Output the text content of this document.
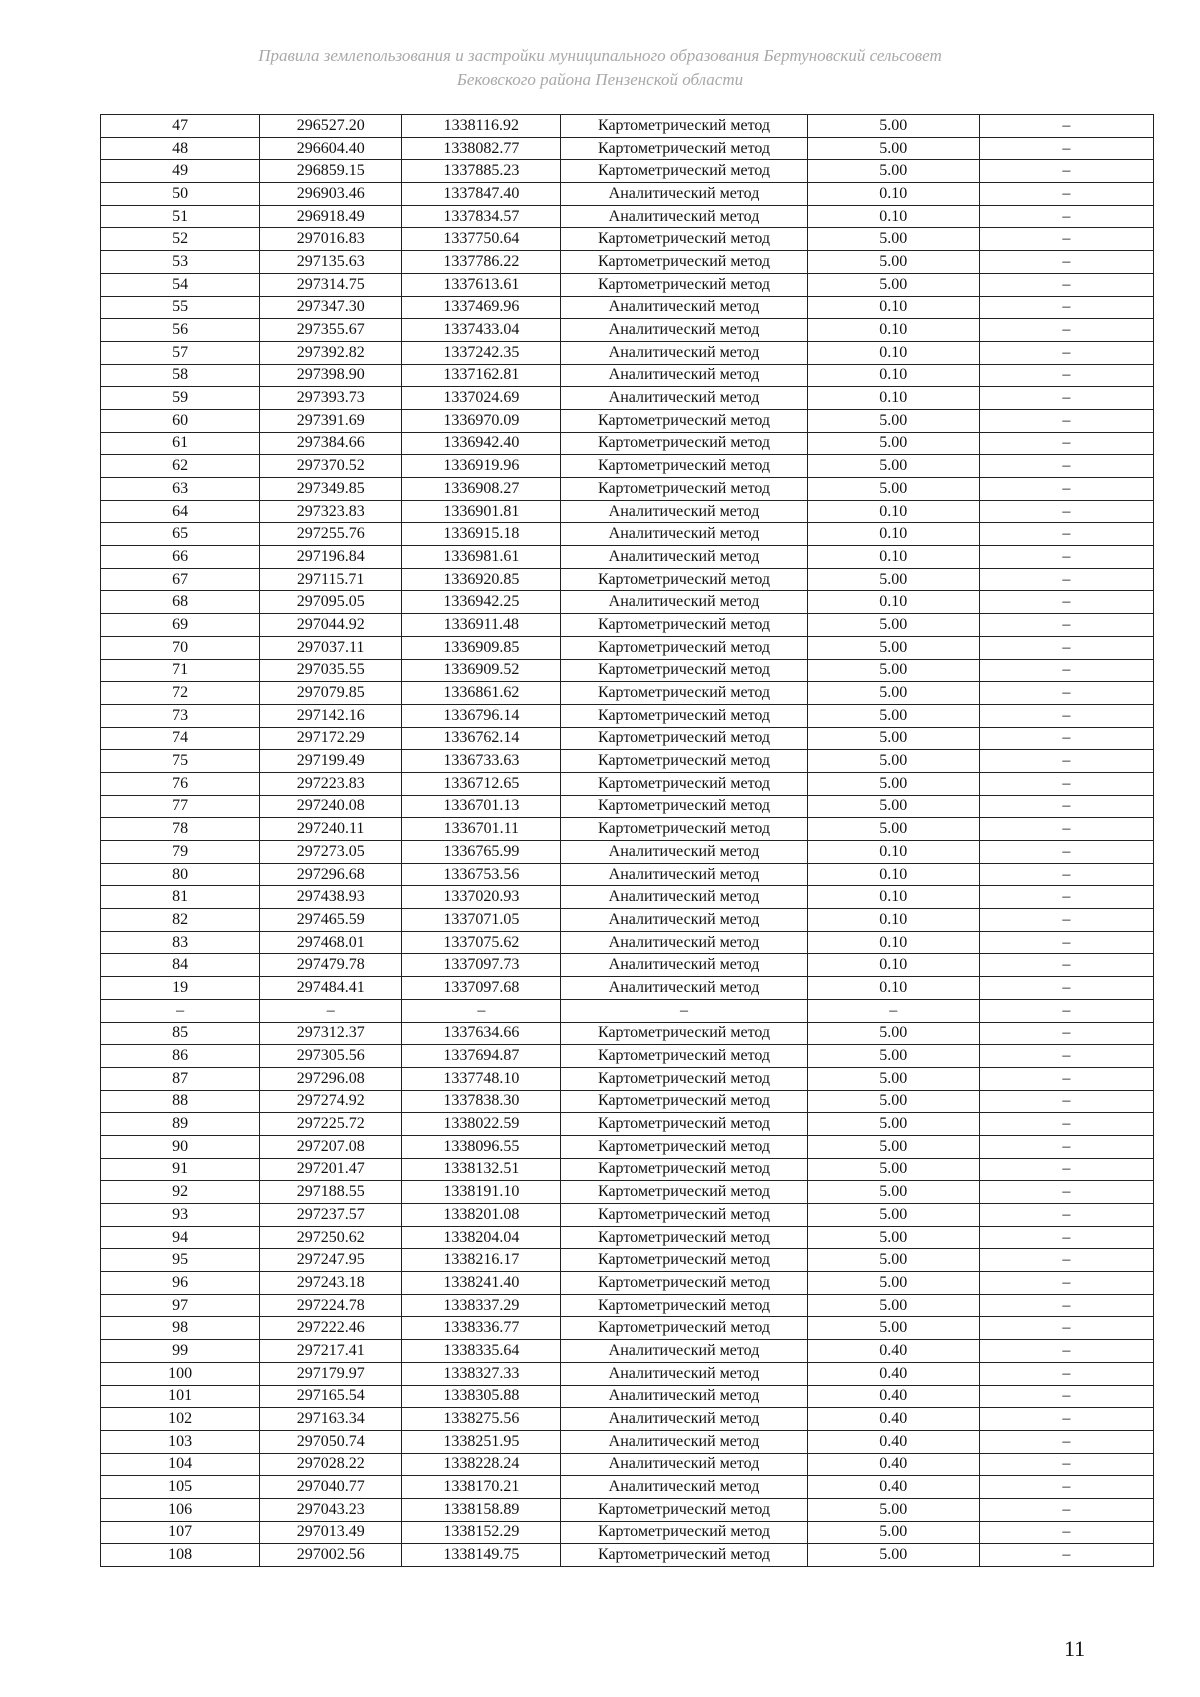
Правила землепользования и застройки муниципального образования Бертуновский сельсовет
Бековского района Пензенской области
47	296527.20	1338116.92	Картометрический метод	5.00	–
48	296604.40	1338082.77	Картометрический метод	5.00	–
49	296859.15	1337885.23	Картометрический метод	5.00	–
50	296903.46	1337847.40	Аналитический метод	0.10	–
51	296918.49	1337834.57	Аналитический метод	0.10	–
52	297016.83	1337750.64	Картометрический метод	5.00	–
53	297135.63	1337786.22	Картометрический метод	5.00	–
54	297314.75	1337613.61	Картометрический метод	5.00	–
55	297347.30	1337469.96	Аналитический метод	0.10	–
56	297355.67	1337433.04	Аналитический метод	0.10	–
57	297392.82	1337242.35	Аналитический метод	0.10	–
58	297398.90	1337162.81	Аналитический метод	0.10	–
59	297393.73	1337024.69	Аналитический метод	0.10	–
60	297391.69	1336970.09	Картометрический метод	5.00	–
61	297384.66	1336942.40	Картометрический метод	5.00	–
62	297370.52	1336919.96	Картометрический метод	5.00	–
63	297349.85	1336908.27	Картометрический метод	5.00	–
64	297323.83	1336901.81	Аналитический метод	0.10	–
65	297255.76	1336915.18	Аналитический метод	0.10	–
66	297196.84	1336981.61	Аналитический метод	0.10	–
67	297115.71	1336920.85	Картометрический метод	5.00	–
68	297095.05	1336942.25	Аналитический метод	0.10	–
69	297044.92	1336911.48	Картометрический метод	5.00	–
70	297037.11	1336909.85	Картометрический метод	5.00	–
71	297035.55	1336909.52	Картометрический метод	5.00	–
72	297079.85	1336861.62	Картометрический метод	5.00	–
73	297142.16	1336796.14	Картометрический метод	5.00	–
74	297172.29	1336762.14	Картометрический метод	5.00	–
75	297199.49	1336733.63	Картометрический метод	5.00	–
76	297223.83	1336712.65	Картометрический метод	5.00	–
77	297240.08	1336701.13	Картометрический метод	5.00	–
78	297240.11	1336701.11	Картометрический метод	5.00	–
79	297273.05	1336765.99	Аналитический метод	0.10	–
80	297296.68	1336753.56	Аналитический метод	0.10	–
81	297438.93	1337020.93	Аналитический метод	0.10	–
82	297465.59	1337071.05	Аналитический метод	0.10	–
83	297468.01	1337075.62	Аналитический метод	0.10	–
84	297479.78	1337097.73	Аналитический метод	0.10	–
19	297484.41	1337097.68	Аналитический метод	0.10	–
–	–	–	–	–	–
85	297312.37	1337634.66	Картометрический метод	5.00	–
86	297305.56	1337694.87	Картометрический метод	5.00	–
87	297296.08	1337748.10	Картометрический метод	5.00	–
88	297274.92	1337838.30	Картометрический метод	5.00	–
89	297225.72	1338022.59	Картометрический метод	5.00	–
90	297207.08	1338096.55	Картометрический метод	5.00	–
91	297201.47	1338132.51	Картометрический метод	5.00	–
92	297188.55	1338191.10	Картометрический метод	5.00	–
93	297237.57	1338201.08	Картометрический метод	5.00	–
94	297250.62	1338204.04	Картометрический метод	5.00	–
95	297247.95	1338216.17	Картометрический метод	5.00	–
96	297243.18	1338241.40	Картометрический метод	5.00	–
97	297224.78	1338337.29	Картометрический метод	5.00	–
98	297222.46	1338336.77	Картометрический метод	5.00	–
99	297217.41	1338335.64	Аналитический метод	0.40	–
100	297179.97	1338327.33	Аналитический метод	0.40	–
101	297165.54	1338305.88	Аналитический метод	0.40	–
102	297163.34	1338275.56	Аналитический метод	0.40	–
103	297050.74	1338251.95	Аналитический метод	0.40	–
104	297028.22	1338228.24	Аналитический метод	0.40	–
105	297040.77	1338170.21	Аналитический метод	0.40	–
106	297043.23	1338158.89	Картометрический метод	5.00	–
107	297013.49	1338152.29	Картометрический метод	5.00	–
108	297002.56	1338149.75	Картометрический метод	5.00	–
11
